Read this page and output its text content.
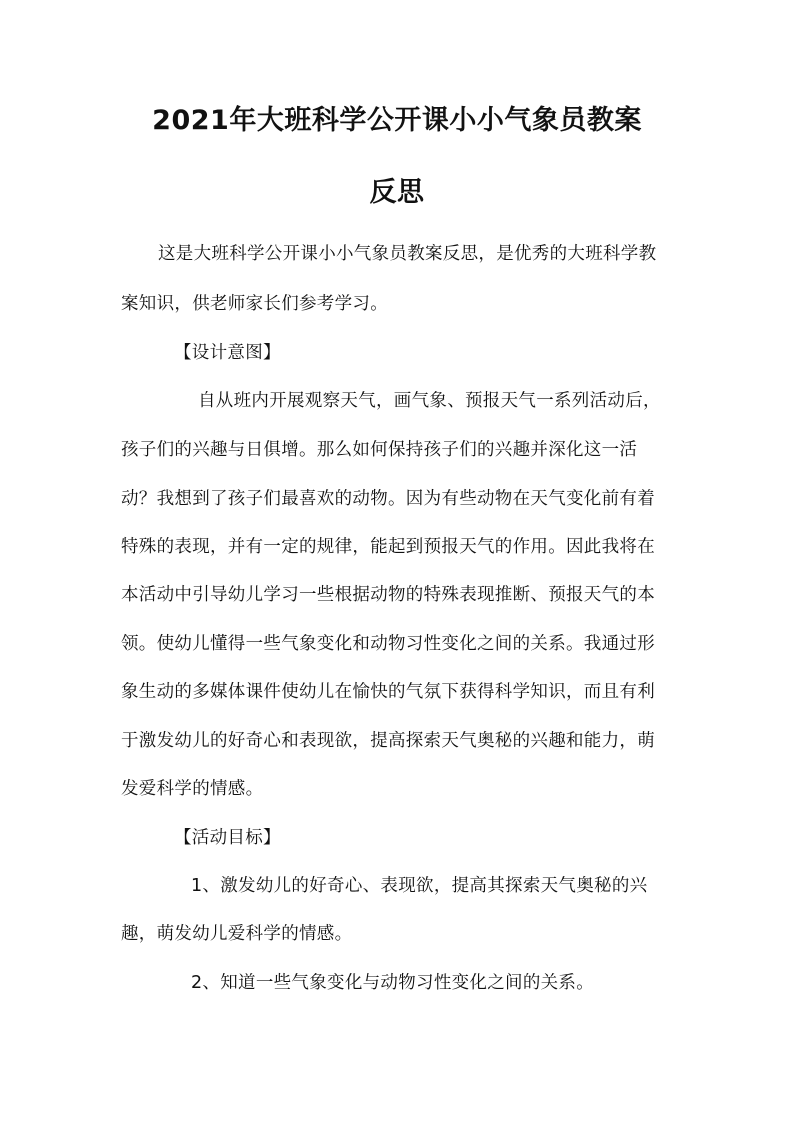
2021年大班科学公开课小小气象员教案
反思
这是大班科学公开课小小气象员教案反思，是优秀的大班科学教
案知识，供老师家长们参考学习。
【设计意图】
自从班内开展观察天气，画气象、预报天气一系列活动后，
孩子们的兴趣与日俱增。那么如何保持孩子们的兴趣并深化这一活
动？我想到了孩子们最喜欢的动物。因为有些动物在天气变化前有着
特殊的表现，并有一定的规律，能起到预报天气的作用。因此我将在
本活动中引导幼儿学习一些根据动物的特殊表现推断、预报天气的本
领。使幼儿懂得一些气象变化和动物习性变化之间的关系。我通过形
象生动的多媒体课件使幼儿在愉快的气氛下获得科学知识，而且有利
于激发幼儿的好奇心和表现欲，提高探索天气奥秘的兴趣和能力，萌
发爱科学的情感。
【活动目标】
1、激发幼儿的好奇心、表现欲，提高其探索天气奥秘的兴
趣，萌发幼儿爱科学的情感。
2、知道一些气象变化与动物习性变化之间的关系。
